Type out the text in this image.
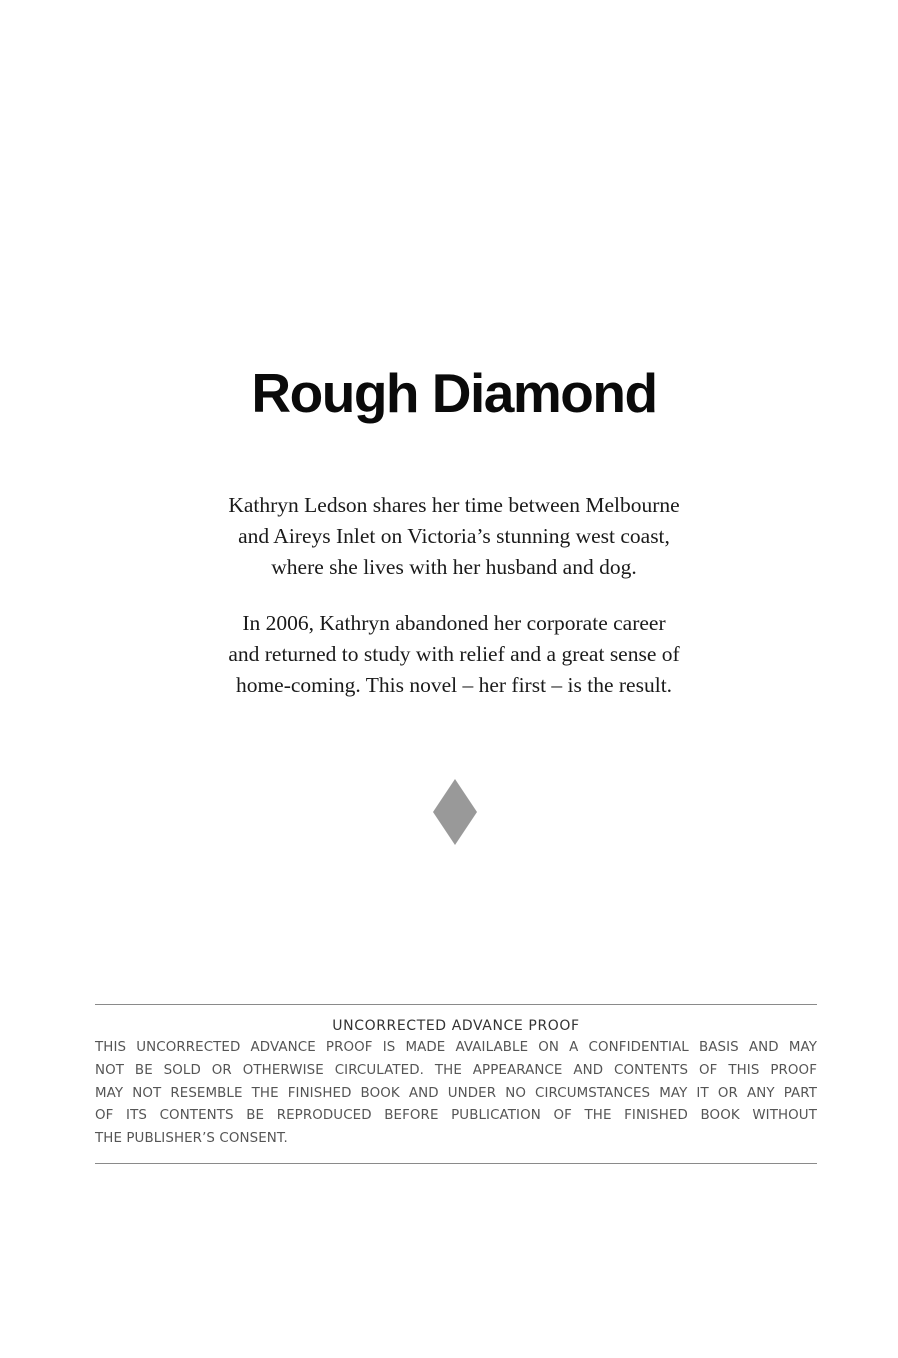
Rough Diamond

Kathryn Ledson shares her time between Melbourne
and Aireys Inlet on Victoria’s stunning west coast,
where she lives with her husband and dog.

In 2006, Kathryn abandoned her corporate career
and returned to study with relief and a great sense of
home-coming. This novel – her first – is the result.

UNCORRECTED ADVANCE PROOF

THIS UNCORRECTED ADVANCE PROOF IS MADE AVAILABLE ON A CONFIDENTIAL BASIS AND MAY
NOT BE SOLD OR OTHERWISE CIRCULATED. THE APPEARANCE AND CONTENTS OF THIS PROOF
MAY NOT RESEMBLE THE FINISHED BOOK AND UNDER NO CIRCUMSTANCES MAY IT OR ANY PART
OF ITS CONTENTS BE REPRODUCED BEFORE PUBLICATION OF THE FINISHED BOOK WITHOUT
THE PUBLISHER’S CONSENT.
